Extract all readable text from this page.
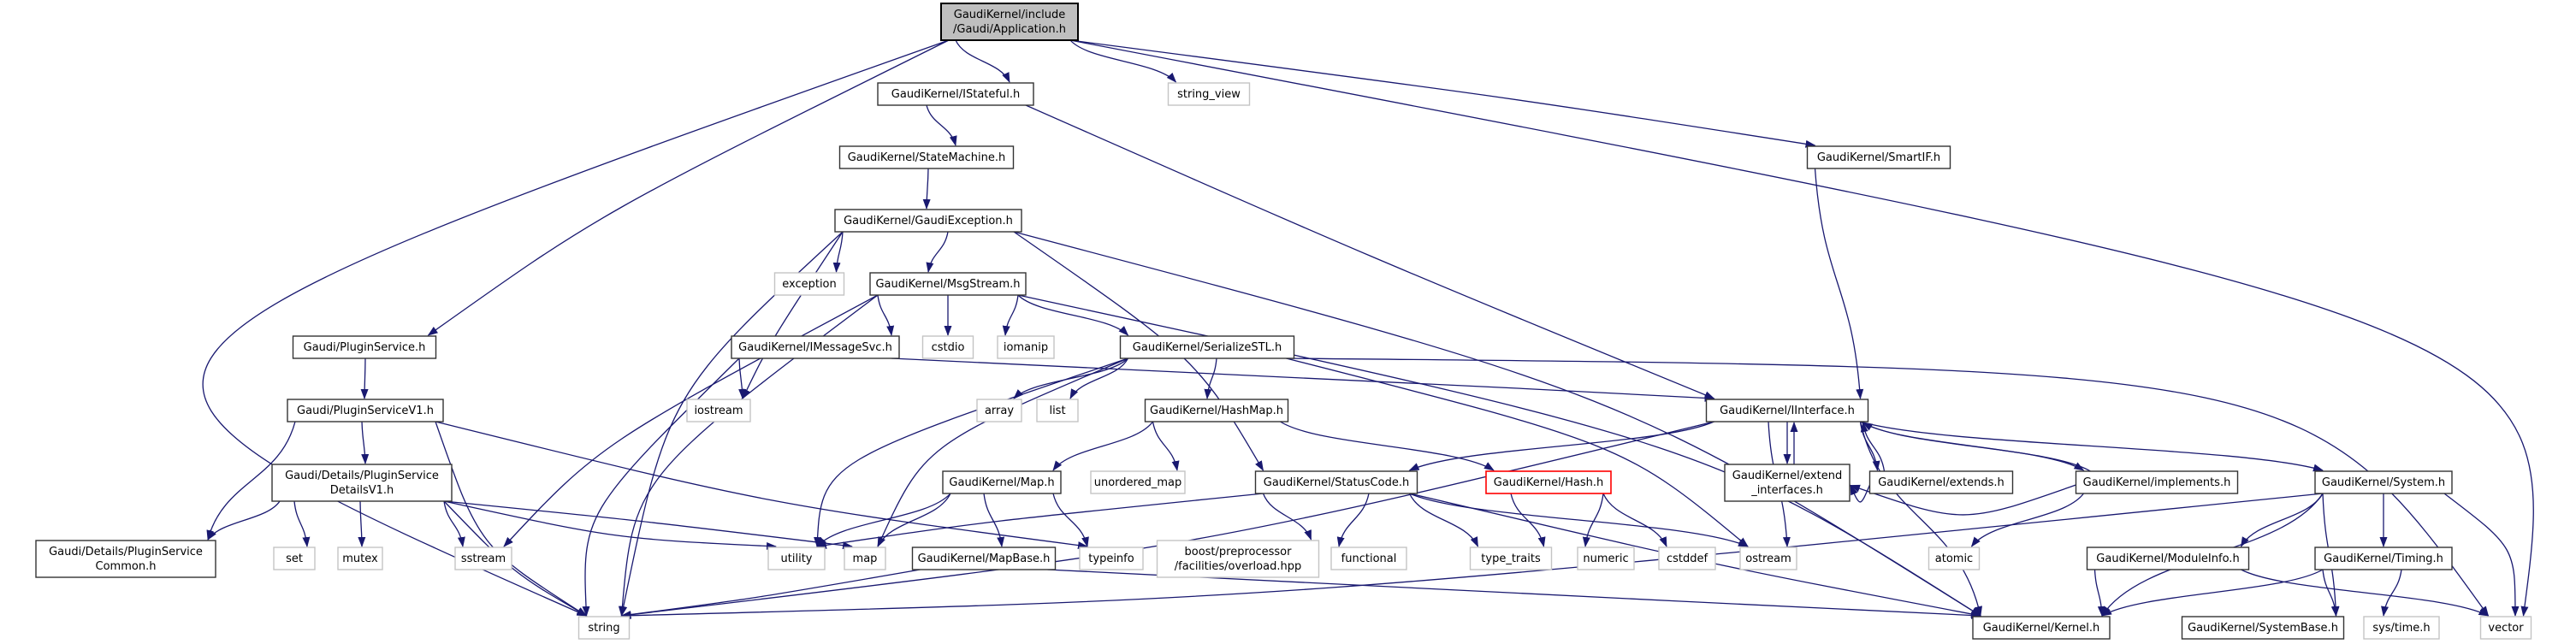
GaudiKernel/include /Gaudi/Application.h
GaudiKernel/IStateful.h	string_view
GaudiKernel/StateMachine.h	GaudiKernel/SmartIF.h
GaudiKernel/GaudiException.h
exception	GaudiKernel/MsgStream.h
Gaudi/PluginService.h	GaudiKernel/IMessageSvc.h	cstdio	iomanip	GaudiKernel/SerializeSTL.h
Gaudi/PluginServiceV1.h	iostream	array	list	GaudiKernel/HashMap.h	GaudiKernel/IInterface.h
Gaudi/Details/PluginService DetailsV1.h
GaudiKernel/Map.h	unordered_map	GaudiKernel/StatusCode.h	GaudiKernel/Hash.h
GaudiKernel/extend _interfaces.h
GaudiKernel/extends.h	GaudiKernel/implements.h	GaudiKernel/System.h
Gaudi/Details/PluginService Common.h
set	mutex	sstream	utility	map	GaudiKernel/MapBase.h	typeinfo
boost/preprocessor /facilities/overload.hpp
functional	type_traits	numeric	cstddef	ostream	atomic	GaudiKernel/ModuleInfo.h	GaudiKernel/Timing.h
string	GaudiKernel/Kernel.h	GaudiKernel/SystemBase.h	sys/time.h	vector
